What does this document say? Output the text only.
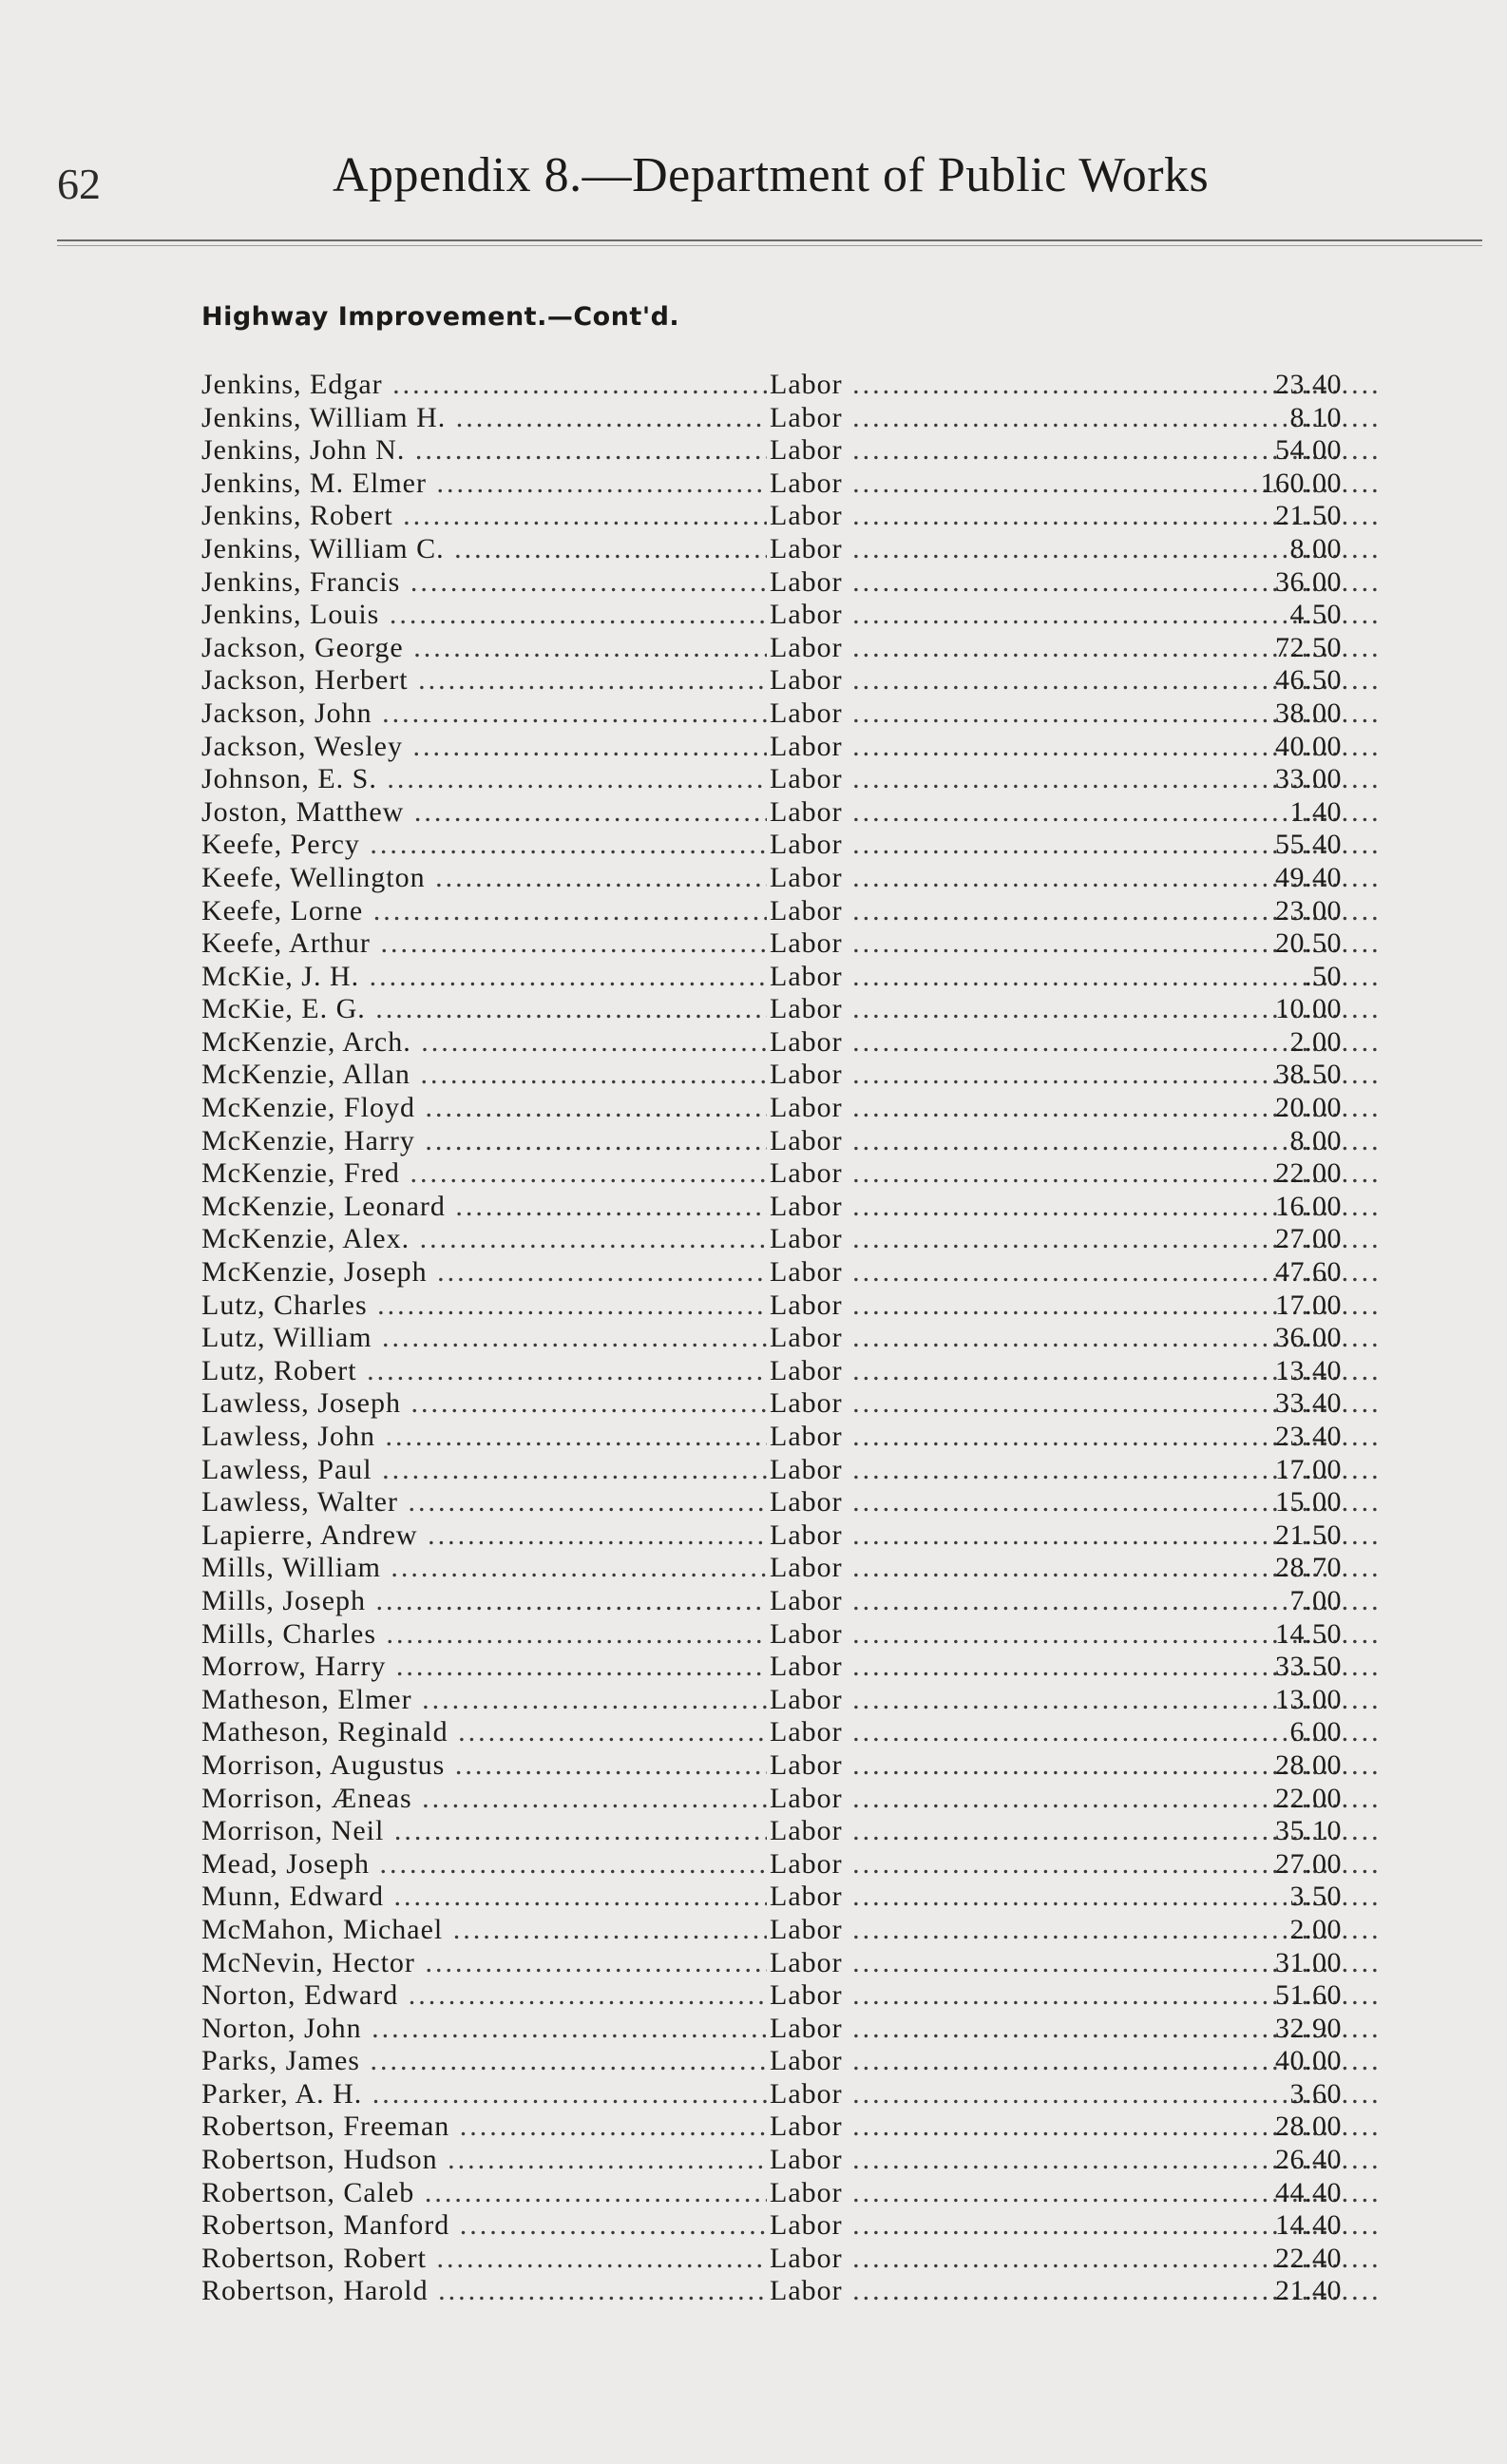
62	Appendix 8.—Department of Public Works
Highway Improvement.—Cont'd.
Jenkins, Edgar .....	Labor .....	23.40
Jenkins, William H. .....	Labor .....	8.10
Jenkins, John N. .....	Labor .....	54.00
Jenkins, M. Elmer .....	Labor .....	160.00
Jenkins, Robert .....	Labor .....	21.50
Jenkins, William C. .....	Labor .....	8.00
Jenkins, Francis .....	Labor .....	36.00
Jenkins, Louis .....	Labor .....	4.50
Jackson, George .....	Labor .....	72.50
Jackson, Herbert .....	Labor .....	46.50
Jackson, John .....	Labor .....	38.00
Jackson, Wesley .....	Labor .....	40.00
Johnson, E. S. .....	Labor .....	33.00
Joston, Matthew .....	Labor .....	1.40
Keefe, Percy .....	Labor .....	55.40
Keefe, Wellington .....	Labor .....	49.40
Keefe, Lorne .....	Labor .....	23.00
Keefe, Arthur .....	Labor .....	20.50
McKie, J. H. .....	Labor .....	.50
McKie, E. G. .....	Labor .....	10.00
McKenzie, Arch. .....	Labor .....	2.00
McKenzie, Allan .....	Labor .....	38.50
McKenzie, Floyd .....	Labor .....	20.00
McKenzie, Harry .....	Labor .....	8.00
McKenzie, Fred .....	Labor .....	22.00
McKenzie, Leonard .....	Labor .....	16.00
McKenzie, Alex. .....	Labor .....	27.00
McKenzie, Joseph .....	Labor .....	47.60
Lutz, Charles .....	Labor .....	17.00
Lutz, William .....	Labor .....	36.00
Lutz, Robert .....	Labor .....	13.40
Lawless, Joseph .....	Labor .....	33.40
Lawless, John .....	Labor .....	23.40
Lawless, Paul .....	Labor .....	17.00
Lawless, Walter .....	Labor .....	15.00
Lapierre, Andrew .....	Labor .....	21.50
Mills, William .....	Labor .....	28.70
Mills, Joseph .....	Labor .....	7.00
Mills, Charles .....	Labor .....	14.50
Morrow, Harry .....	Labor .....	33.50
Matheson, Elmer .....	Labor .....	13.00
Matheson, Reginald .....	Labor .....	6.00
Morrison, Augustus .....	Labor .....	28.00
Morrison, Æneas .....	Labor .....	22.00
Morrison, Neil .....	Labor .....	35.10
Mead, Joseph .....	Labor .....	27.00
Munn, Edward .....	Labor .....	3.50
McMahon, Michael .....	Labor .....	2.00
McNevin, Hector .....	Labor .....	31.00
Norton, Edward .....	Labor .....	51.60
Norton, John .....	Labor .....	32.90
Parks, James .....	Labor .....	40.00
Parker, A. H. .....	Labor .....	3.60
Robertson, Freeman .....	Labor .....	28.00
Robertson, Hudson .....	Labor .....	26.40
Robertson, Caleb .....	Labor .....	44.40
Robertson, Manford .....	Labor .....	14.40
Robertson, Robert .....	Labor .....	22.40
Robertson, Harold .....	Labor .....	21.40
